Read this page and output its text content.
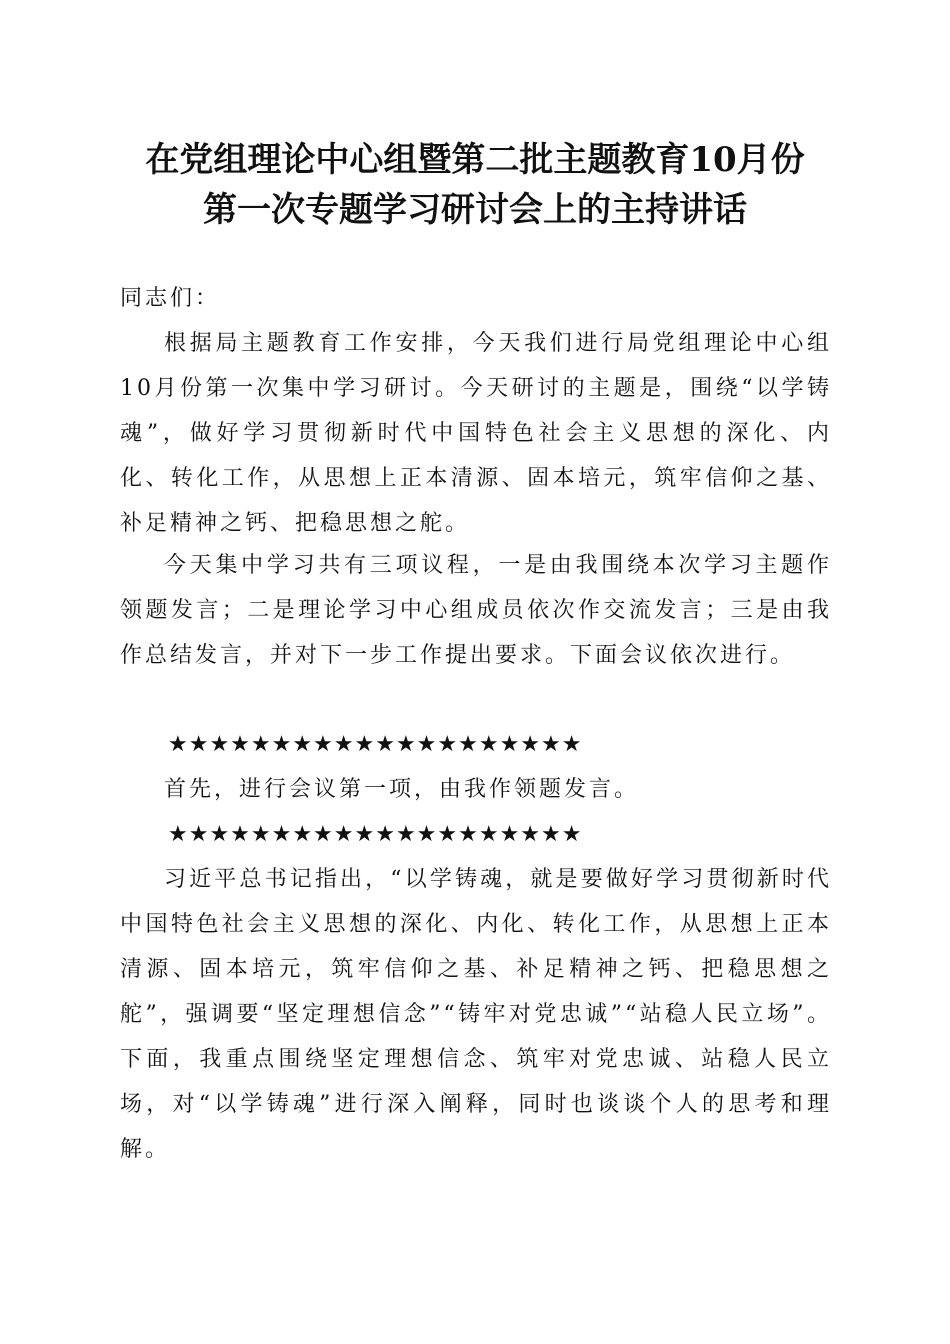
在党组理论中心组暨第二批主题教育10月份
第一次专题学习研讨会上的主持讲话

同志们：

根据局主题教育工作安排，今天我们进行局党组理论中心组10月份第一次集中学习研讨。今天研讨的主题是，围绕“以学铸魂”，做好学习贯彻新时代中国特色社会主义思想的深化、内化、转化工作，从思想上正本清源、固本培元，筑牢信仰之基、补足精神之钙、把稳思想之舵。

今天集中学习共有三项议程，一是由我围绕本次学习主题作领题发言；二是理论学习中心组成员依次作交流发言；三是由我作总结发言，并对下一步工作提出要求。下面会议依次进行。

★★★★★★★★★★★★★★★★★★★★

首先，进行会议第一项，由我作领题发言。

★★★★★★★★★★★★★★★★★★★★

习近平总书记指出，“以学铸魂，就是要做好学习贯彻新时代中国特色社会主义思想的深化、内化、转化工作，从思想上正本清源、固本培元，筑牢信仰之基、补足精神之钙、把稳思想之舵”，强调要“坚定理想信念”“铸牢对党忠诚”“站稳人民立场”。下面，我重点围绕坚定理想信念、筑牢对党忠诚、站稳人民立场，对“以学铸魂”进行深入阐释，同时也谈谈个人的思考和理解。
